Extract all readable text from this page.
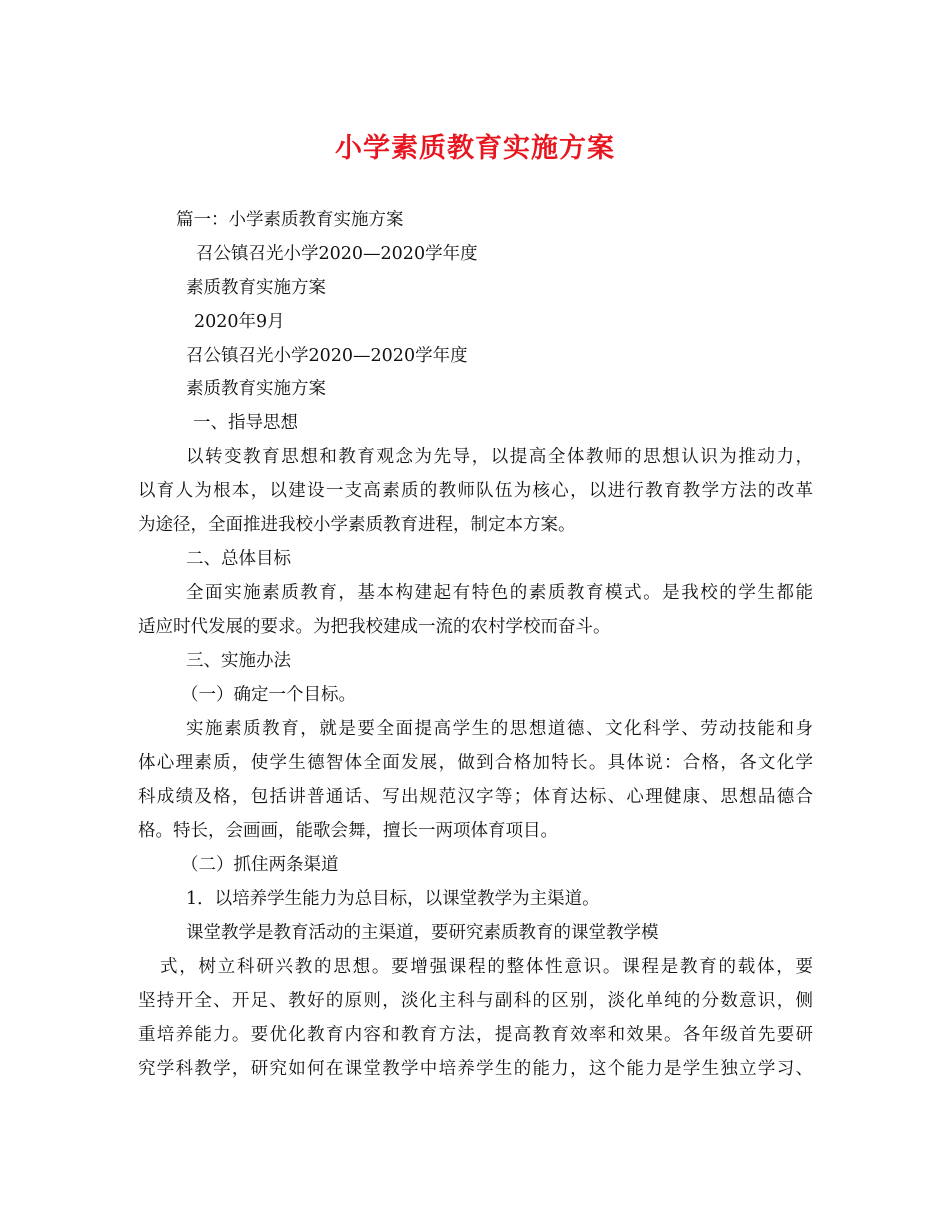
小学素质教育实施方案
篇一：小学素质教育实施方案
召公镇召光小学2020—2020学年度
素质教育实施方案
2020年9月
召公镇召光小学2020—2020学年度
素质教育实施方案
一、指导思想
以转变教育思想和教育观念为先导，以提高全体教师的思想认识为推动力，
以育人为根本，以建设一支高素质的教师队伍为核心，以进行教育教学方法的改革
为途径，全面推进我校小学素质教育进程，制定本方案。
二、总体目标
全面实施素质教育，基本构建起有特色的素质教育模式。是我校的学生都能
适应时代发展的要求。为把我校建成一流的农村学校而奋斗。
三、实施办法
（一）确定一个目标。
实施素质教育，就是要全面提高学生的思想道德、文化科学、劳动技能和身
体心理素质，使学生德智体全面发展，做到合格加特长。具体说：合格，各文化学
科成绩及格，包括讲普通话、写出规范汉字等；体育达标、心理健康、思想品德合
格。特长，会画画，能歌会舞，擅长一两项体育项目。
（二）抓住两条渠道
1．以培养学生能力为总目标，以课堂教学为主渠道。
课堂教学是教育活动的主渠道，要研究素质教育的课堂教学模
式，树立科研兴教的思想。要增强课程的整体性意识。课程是教育的载体，要
坚持开全、开足、教好的原则，淡化主科与副科的区别，淡化单纯的分数意识，侧
重培养能力。要优化教育内容和教育方法，提高教育效率和效果。各年级首先要研
究学科教学，研究如何在课堂教学中培养学生的能力，这个能力是学生独立学习、
